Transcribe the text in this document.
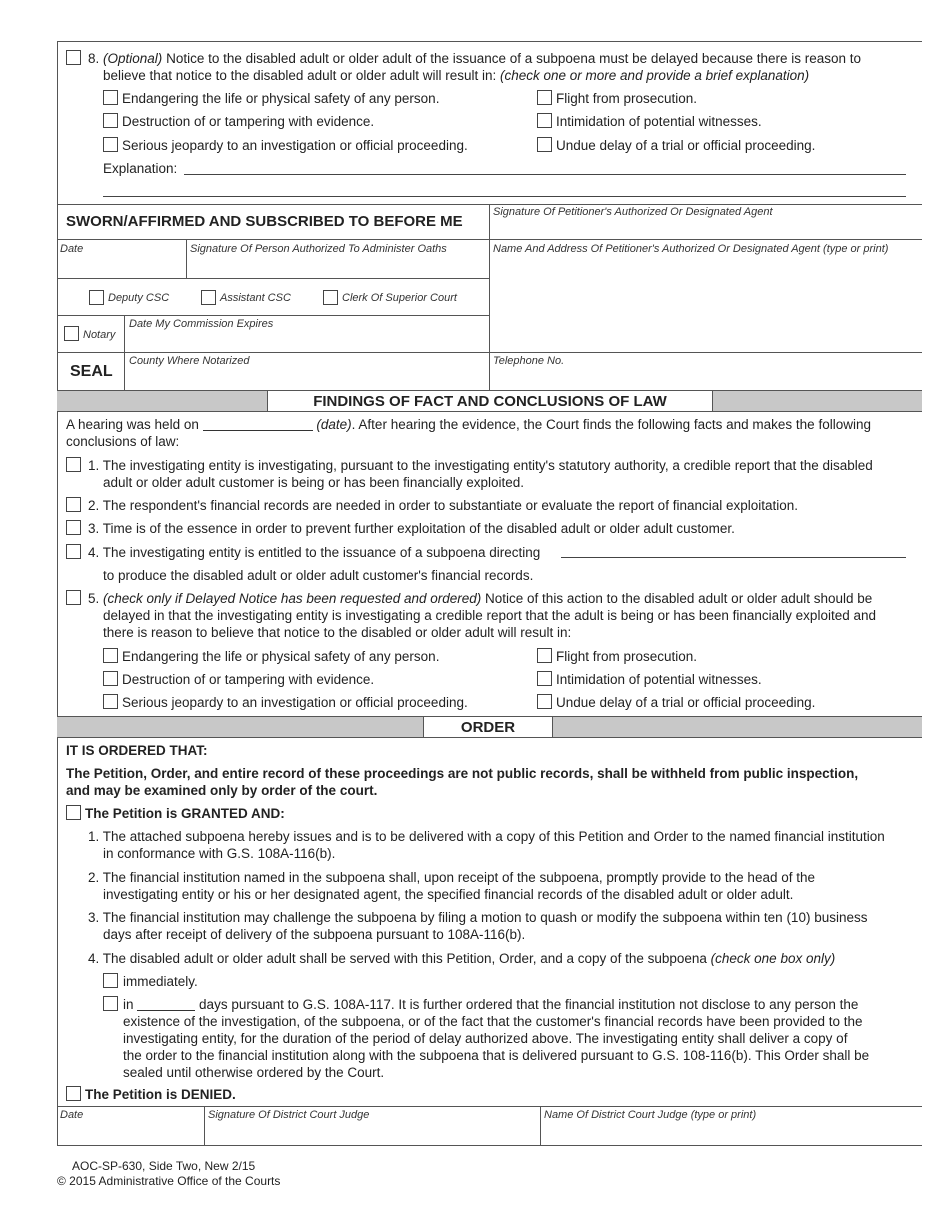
8. (Optional) Notice to the disabled adult or older adult of the issuance of a subpoena must be delayed because there is reason to
believe that notice to the disabled adult or older adult will result in: (check one or more and provide a brief explanation)
Endangering the life or physical safety of any person.
Destruction of or tampering with evidence.
Serious jeopardy to an investigation or official proceeding.
Flight from prosecution.
Intimidation of potential witnesses.
Undue delay of a trial or official proceeding.
Explanation:
SWORN/AFFIRMED AND SUBSCRIBED TO BEFORE ME
Signature Of Petitioner's Authorized Or Designated Agent
Date	Signature Of Person Authorized To Administer Oaths	Name And Address Of Petitioner's Authorized Or Designated Agent (type or print)
Deputy CSC	Assistant CSC	Clerk Of Superior Court
Notary
Date My Commission Expires
SEAL
County Where Notarized	Telephone No.
FINDINGS OF FACT AND CONCLUSIONS OF LAW
A hearing was held on	(date). After hearing the evidence, the Court finds the following facts and makes the following
conclusions of law:
1. The investigating entity is investigating, pursuant to the investigating entity's statutory authority, a credible report that the disabled
adult or older adult customer is being or has been financially exploited.
2. The respondent's financial records are needed in order to substantiate or evaluate the report of financial exploitation.
3. Time is of the essence in order to prevent further exploitation of the disabled adult or older adult customer.
4. The investigating entity is entitled to the issuance of a subpoena directing
to produce the disabled adult or older adult customer's financial records.
5. (check only if Delayed Notice has been requested and ordered) Notice of this action to the disabled adult or older adult should be
delayed in that the investigating entity is investigating a credible report that the adult is being or has been financially exploited and
there is reason to believe that notice to the disabled or older adult will result in:
Endangering the life or physical safety of any person.
Destruction of or tampering with evidence.
Serious jeopardy to an investigation or official proceeding.
Flight from prosecution.
Intimidation of potential witnesses.
Undue delay of a trial or official proceeding.
ORDER
IT IS ORDERED THAT:
The Petition, Order, and entire record of these proceedings are not public records, shall be withheld from public inspection,
and may be examined only by order of the court.
The Petition is GRANTED AND:
1. The attached subpoena hereby issues and is to be delivered with a copy of this Petition and Order to the named financial institution
in conformance with G.S. 108A-116(b).
2. The financial institution named in the subpoena shall, upon receipt of the subpoena, promptly provide to the head of the
investigating entity or his or her designated agent, the specified financial records of the disabled adult or older adult.
3. The financial institution may challenge the subpoena by filing a motion to quash or modify the subpoena within ten (10) business
days after receipt of delivery of the subpoena pursuant to 108A-116(b).
4. The disabled adult or older adult shall be served with this Petition, Order, and a copy of the subpoena (check one box only)
immediately.
in	days pursuant to G.S. 108A-117. It is further ordered that the financial institution not disclose to any person the
existence of the investigation, of the subpoena, or of the fact that the customer's financial records have been provided to the
investigating entity, for the duration of the period of delay authorized above. The investigating entity shall deliver a copy of
the order to the financial institution along with the subpoena that is delivered pursuant to G.S. 108-116(b). This Order shall be
sealed until otherwise ordered by the Court.
The Petition is DENIED.
Date	Signature Of District Court Judge	Name Of District Court Judge (type or print)
AOC-SP-630, Side Two, New 2/15
© 2015 Administrative Office of the Courts
